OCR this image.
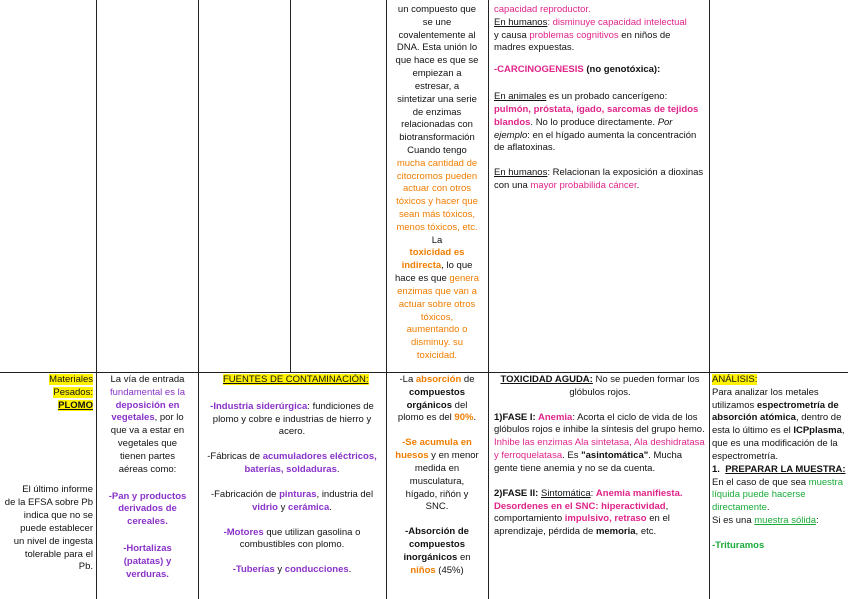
un compuesto que
se une
covalentemente al
DNA. Esta unión lo
que hace es que se
empiezan a
estresar, a
sintetizar una serie
de enzimas
relacionadas con
biotransformación
Cuando tengo
mucha cantidad de
citocromos pueden
actuar con otros
tóxicos y hacer que
sean más tóxicos,
menos tóxicos, etc.
La
toxicidad es
indirecta, lo que
hace es que genera
enzimas que van a
actuar sobre otros
tóxicos,
aumentando o
disminuy. su
toxicidad.
capacidad reproductor.
En humanos: disminuye capacidad intelectual
y causa problemas cognitivos en niños de
madres expuestas.
-CARCINOGENESIS (no genotóxica):
En animales es un probado cancerígeno: pulmón, próstata, ígado, sarcomas de tejidos blandos. No lo produce directamente. Por ejemplo: en el hígado aumenta la concentración de aflatoxinas.
En humanos: Relacionan la exposición a dioxinas con una mayor probabilida cáncer.
Materiales
Pesados:
PLOMO
El último informe
de la EFSA sobre Pb
indica que no se
puede establecer
un nivel de ingesta
tolerable para el
Pb.
La vía de entrada
fundamental es la
deposición en
vegetales, por lo
que va a estar en
vegetales que
tienen partes
aéreas como:
-Pan y productos
derivados de
cereales.
-Hortalizas
(patatas) y
verduras.
FUENTES DE CONTAMINACIÓN:
-Industria siderúrgica: fundiciones de plomo y cobre e industrias de hierro y acero.
-Fábricas de acumuladores eléctricos, baterías, soldaduras.
-Fabricación de pinturas, industria del vidrio y cerámica.
-Motores que utilizan gasolina o combustibles con plomo.
-Tuberías y conducciones.
-La absorción de
compuestos
orgánicos del
plomo es del 90%.
-Se acumula en
huesos y en menor
medida en
musculatura,
hígado, riñón y
SNC.
-Absorción de
compuestos
inorgánicos en
niños (45%)
TOXICIDAD AGUDA: No se pueden formar los glóbulos rojos.
1)FASE I: Anemia: Acorta el ciclo de vida de los glóbulos rojos e inhibe la síntesis del grupo hemo. Inhibe las enzimas Ala sintetasa, Ala deshidratasa y ferroquelatasa. Es "asintomática". Mucha gente tiene anemia y no se da cuenta.
2)FASE II: Sintomática: Anemia manifiesta. Desordenes en el SNC: hiperactividad, comportamiento impulsivo, retraso en el aprendizaje, pérdida de memoria, etc.
ANÁLISIS:
Para analizar los metales utilizamos espectrometría de absorción atómica, dentro de esta lo último es el ICPplasma, que es una modificación de la espectrometría.
1. PREPARAR LA MUESTRA:
En el caso de que sea muestra líquida puede hacerse directamente.
Si es una muestra sólida:
-Trituramos
